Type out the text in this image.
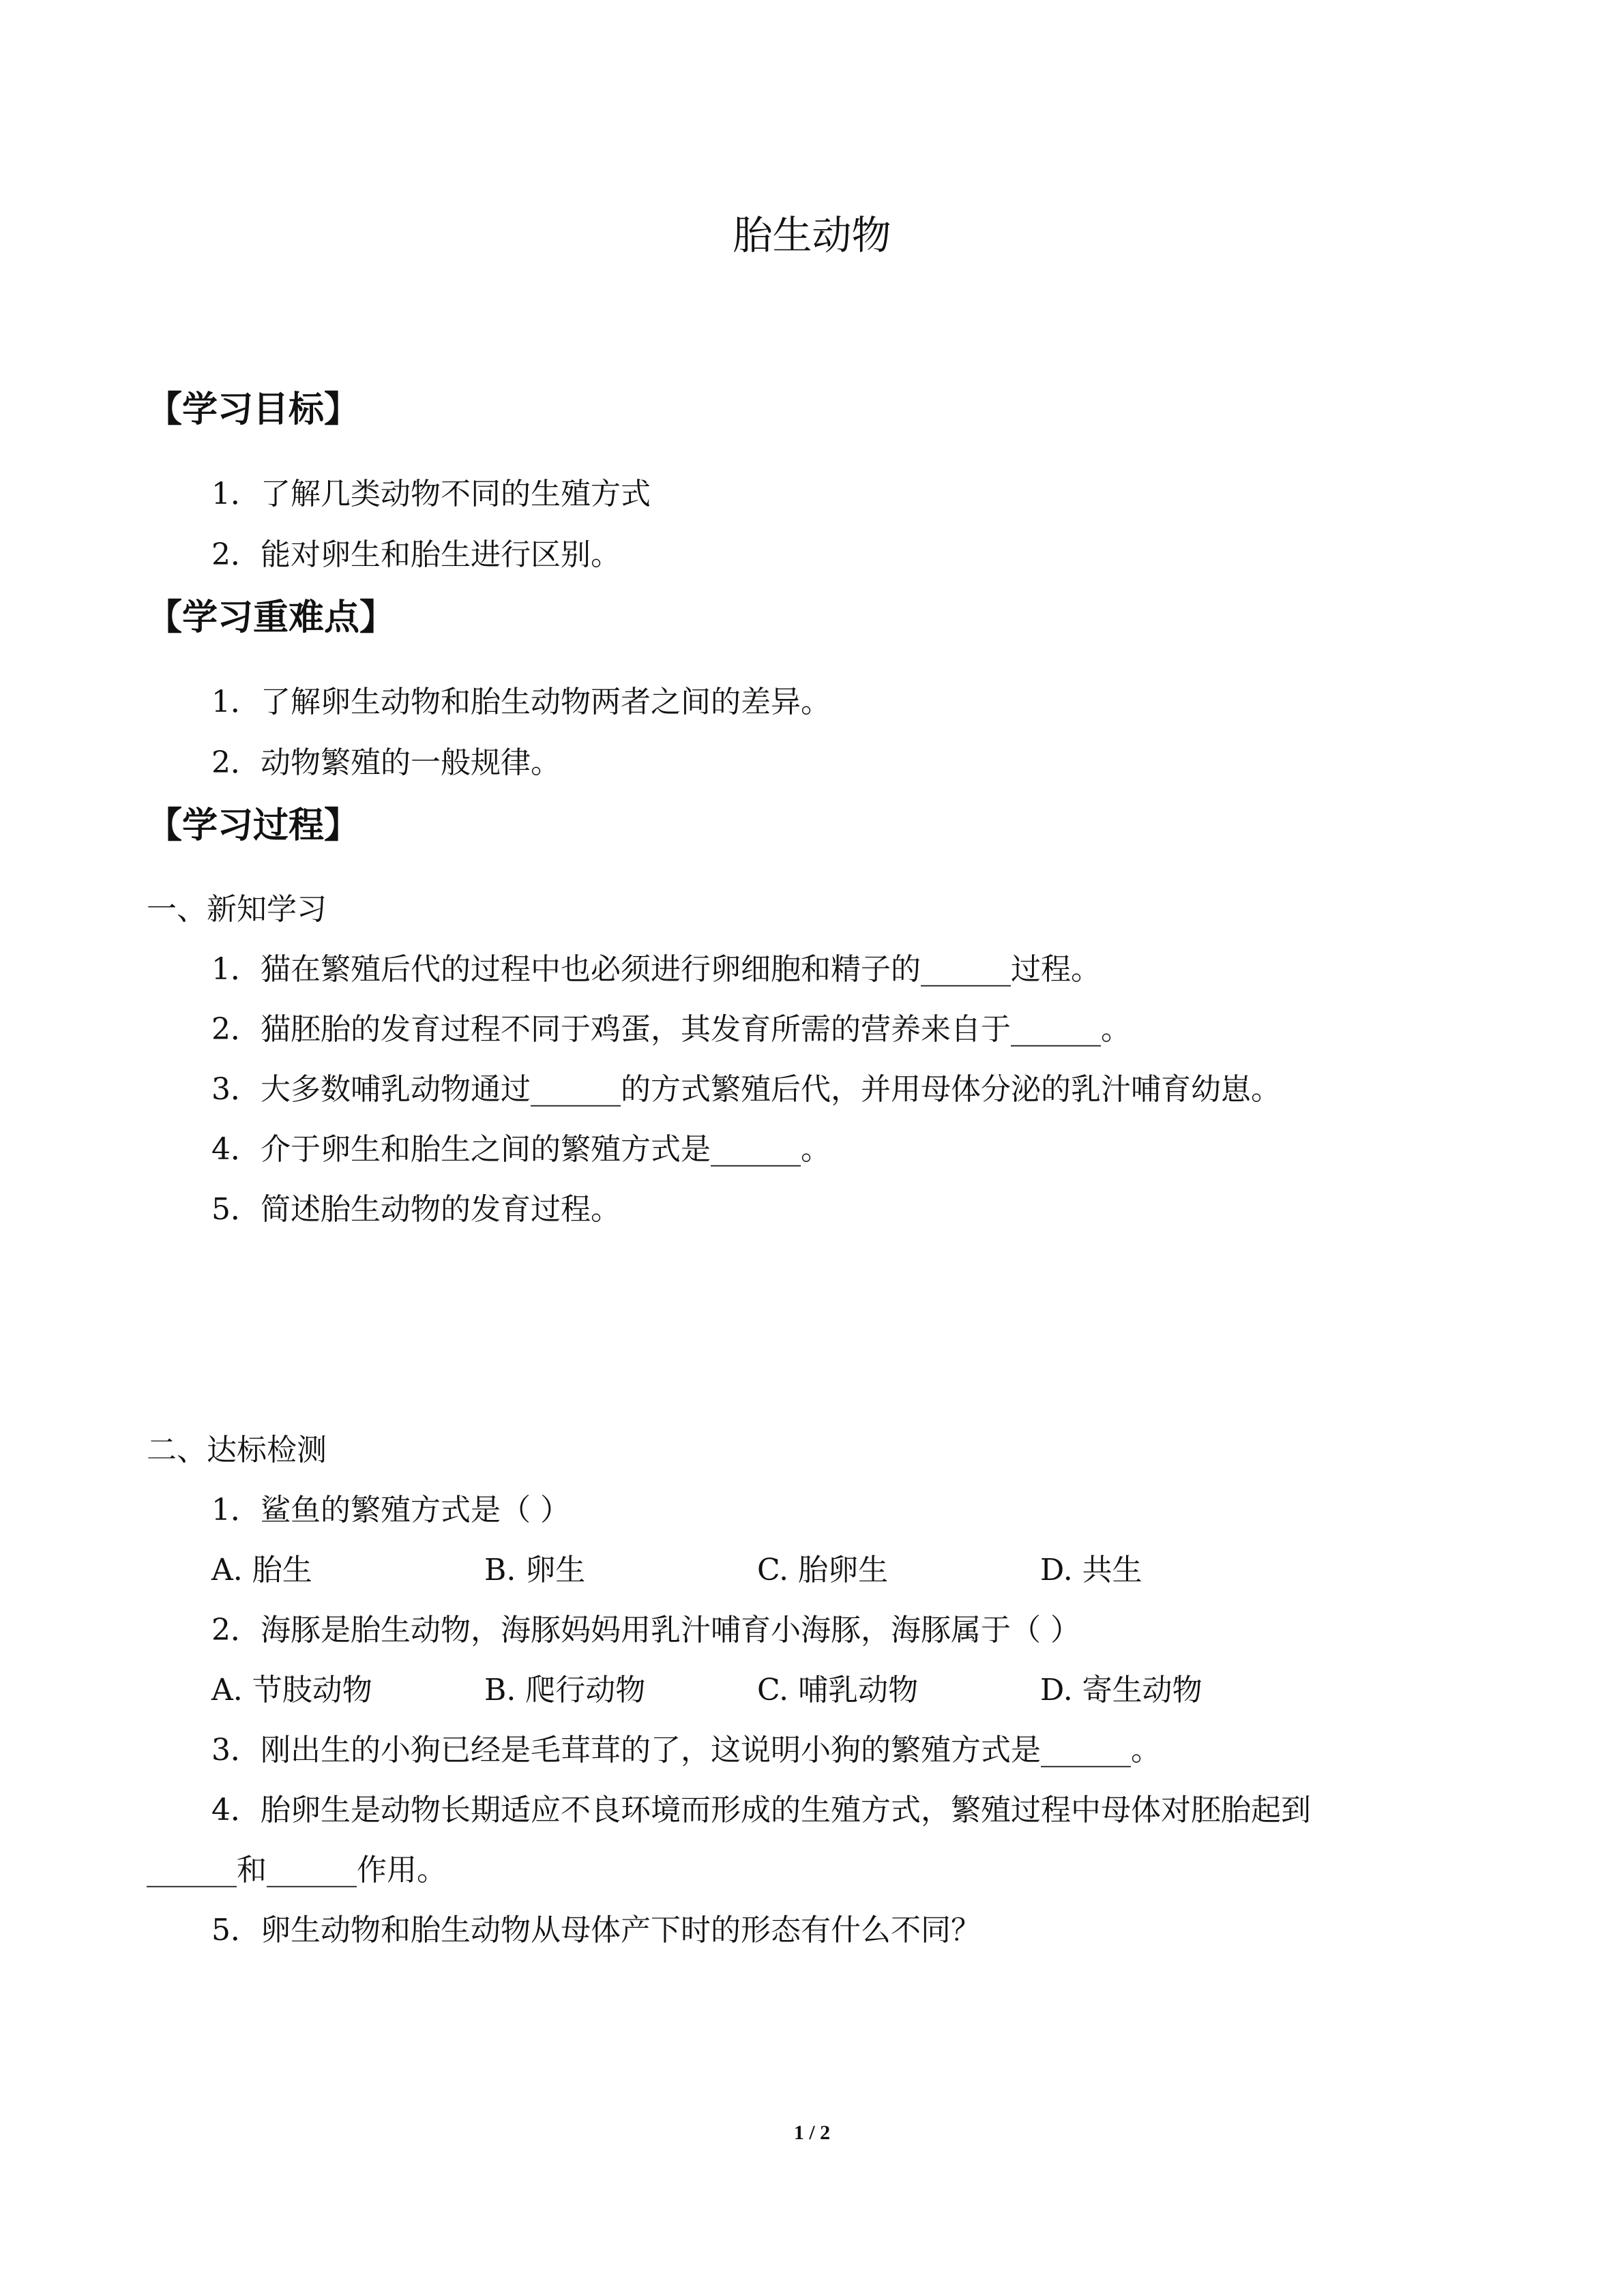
胎生动物
【学习目标】
1．了解几类动物不同的生殖方式
2．能对卵生和胎生进行区别。
【学习重难点】
1．了解卵生动物和胎生动物两者之间的差异。
2．动物繁殖的一般规律。
【学习过程】
一、新知学习
1．猫在繁殖后代的过程中也必须进行卵细胞和精子的______过程。
2．猫胚胎的发育过程不同于鸡蛋，其发育所需的营养来自于______。
3．大多数哺乳动物通过______的方式繁殖后代，并用母体分泌的乳汁哺育幼崽。
4．介于卵生和胎生之间的繁殖方式是______。
5．简述胎生动物的发育过程。
二、达标检测
1．鲨鱼的繁殖方式是（ ）
A. 胎生	B. 卵生	C. 胎卵生	D. 共生
2．海豚是胎生动物，海豚妈妈用乳汁哺育小海豚，海豚属于（ ）
A. 节肢动物	B. 爬行动物	C. 哺乳动物	D. 寄生动物
3．刚出生的小狗已经是毛茸茸的了，这说明小狗的繁殖方式是______。
4．胎卵生是动物长期适应不良环境而形成的生殖方式，繁殖过程中母体对胚胎起到
______和______作用。
5．卵生动物和胎生动物从母体产下时的形态有什么不同？
1 / 2
